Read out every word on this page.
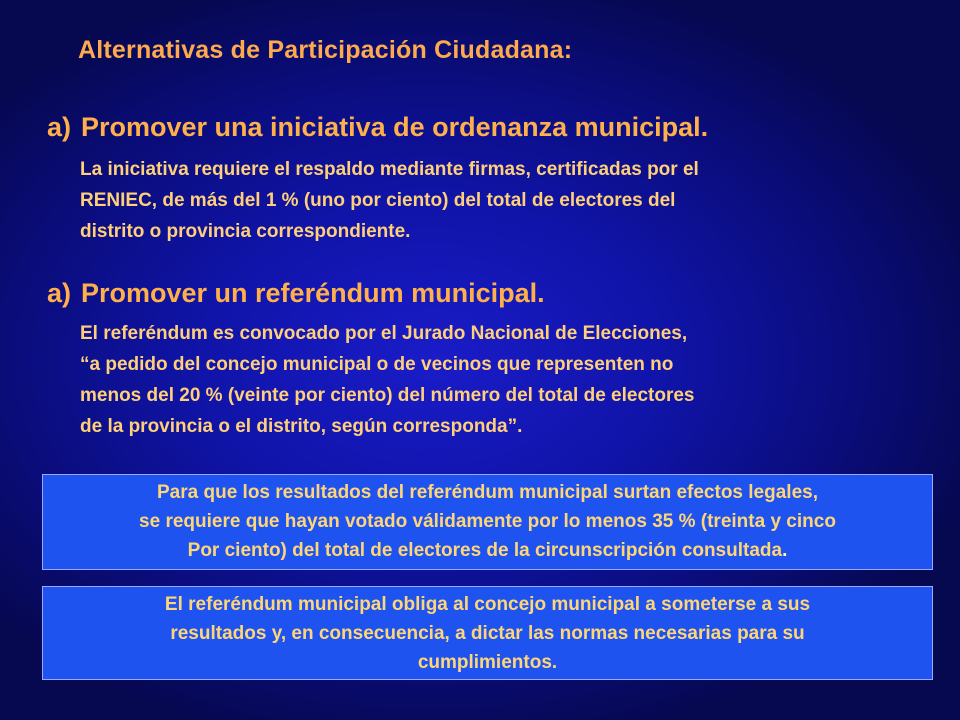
Alternativas de Participación Ciudadana:
a) Promover una iniciativa de ordenanza municipal.

La iniciativa requiere el respaldo mediante firmas, certificadas por el
RENIEC, de más del 1 % (uno por ciento) del total de electores del
distrito o provincia correspondiente.

a) Promover un referéndum municipal.

El referéndum es convocado por el Jurado Nacional de Elecciones,
“a pedido del concejo municipal o de vecinos que representen no
menos del 20 % (veinte por ciento) del número del total de electores
de la provincia o el distrito, según corresponda”.

Para que los resultados del referéndum municipal surtan efectos legales,
se requiere que hayan votado válidamente por lo menos 35 % (treinta y cinco
Por ciento) del total de electores de la circunscripción consultada.
El referéndum municipal obliga al concejo municipal a someterse a sus
resultados y, en consecuencia, a dictar las normas necesarias para su
cumplimientos.
